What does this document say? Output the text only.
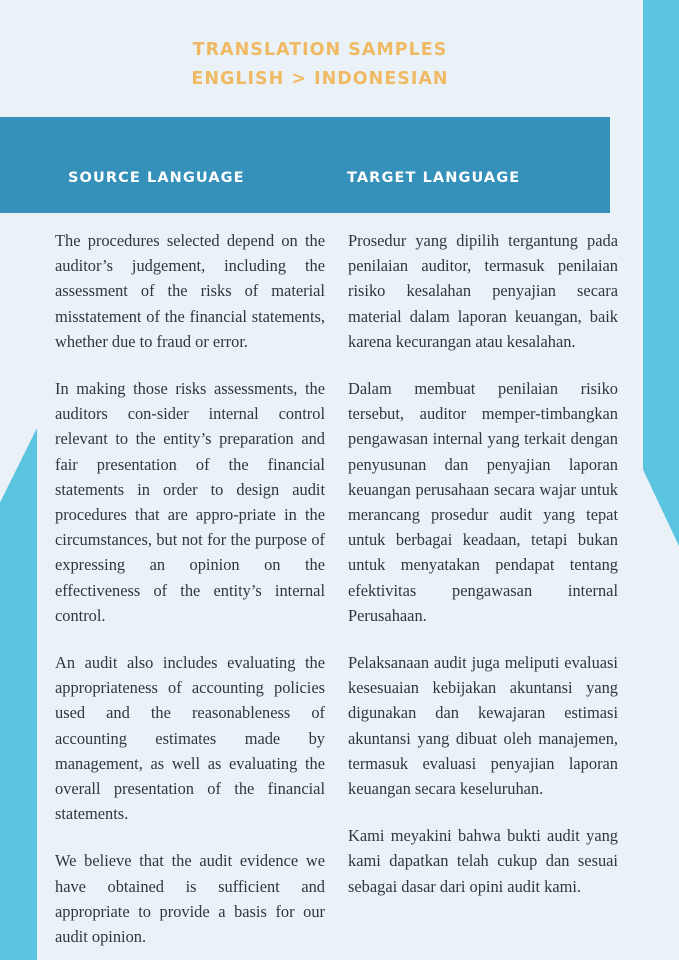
TRANSLATION SAMPLES
ENGLISH > INDONESIAN
SOURCE LANGUAGE	TARGET LANGUAGE

The procedures selected depend on the auditor’s judgement, including the assessment of the risks of material misstatement of the financial statements, whether due to fraud or error.

In making those risks assessments, the auditors con-sider internal control relevant to the entity’s preparation and fair presentation of the financial statements in order to design audit procedures that are appro-priate in the circumstances, but not for the purpose of expressing an opinion on the effectiveness of the entity’s internal control.

An audit also includes evaluating the appropriateness of accounting policies used and the reasonableness of accounting estimates made by management, as well as evaluating the overall presentation of the financial statements.

We believe that the audit evidence we have obtained is sufficient and appropriate to provide a basis for our audit opinion.

Prosedur yang dipilih tergantung pada penilaian auditor, termasuk penilaian risiko kesalahan penyajian secara material dalam laporan keuangan, baik karena kecurangan atau kesalahan.

Dalam membuat penilaian risiko tersebut, auditor memper-timbangkan pengawasan internal yang terkait dengan penyusunan dan penyajian laporan keuangan perusahaan secara wajar untuk merancang prosedur audit yang tepat untuk berbagai keadaan, tetapi bukan untuk menyatakan pendapat tentang efektivitas pengawasan internal Perusahaan.

Pelaksanaan audit juga meliputi evaluasi kesesuaian kebijakan akuntansi yang digunakan dan kewajaran estimasi akuntansi yang dibuat oleh manajemen, termasuk evaluasi penyajian laporan keuangan secara keseluruhan.

Kami meyakini bahwa bukti audit yang kami dapatkan telah cukup dan sesuai sebagai dasar dari opini audit kami.
